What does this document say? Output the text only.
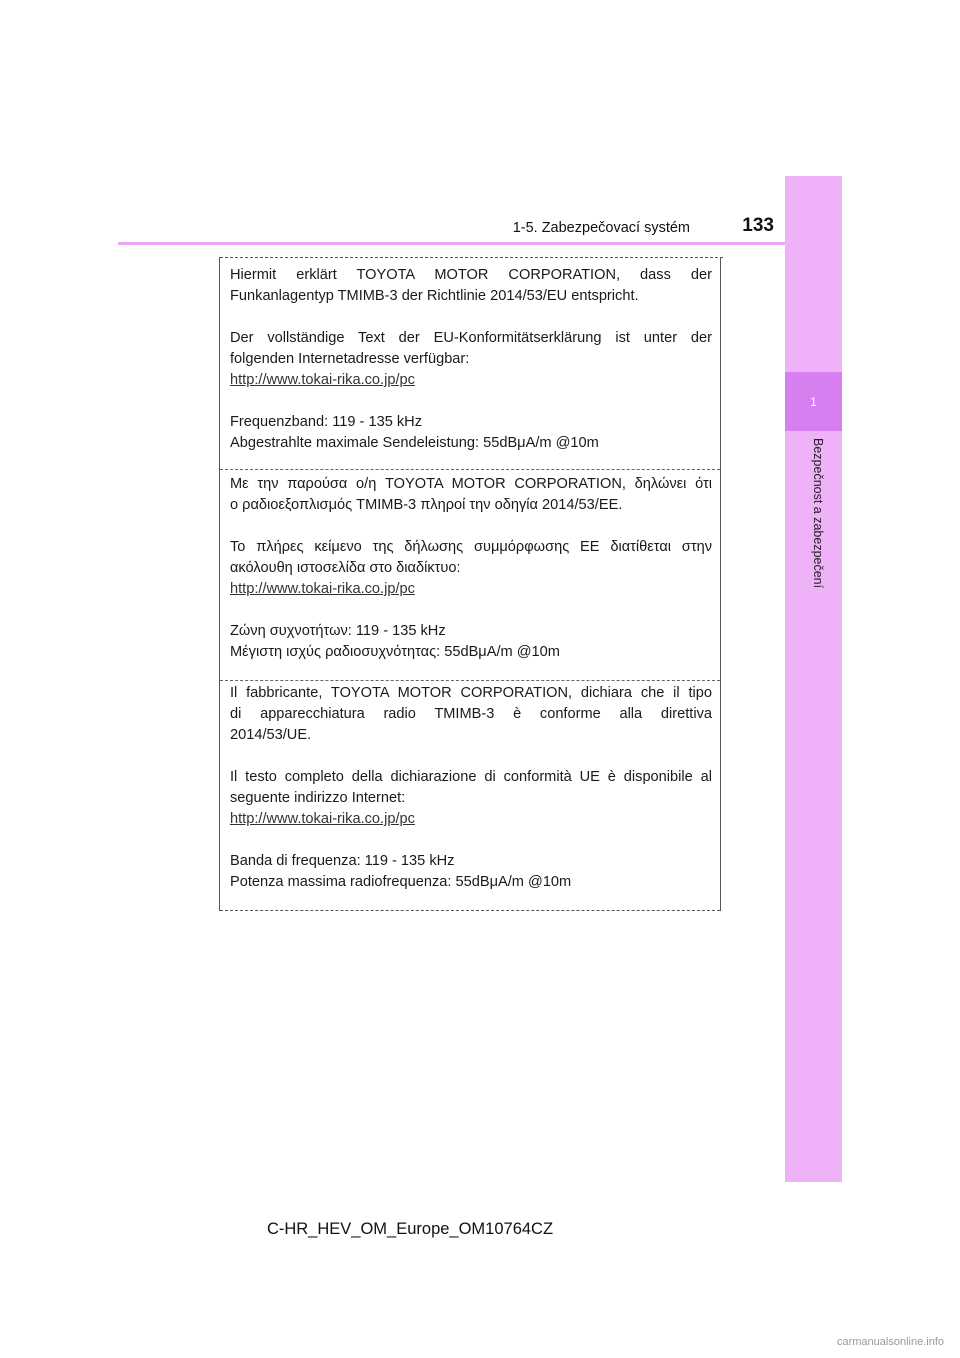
1-5. Zabezpečovací systém	133
1
Bezpečnost a zabezpečení

Hiermit erklärt TOYOTA MOTOR CORPORATION, dass der

Funkanlagentyp TMIMB-3 der Richtlinie 2014/53/EU entspricht.

Der vollständige Text der EU-Konformitätserklärung ist unter der

folgenden Internetadresse verfügbar:

http://www.tokai-rika.co.jp/pc

Frequenzband: 119 - 135 kHz

Abgestrahlte maximale Sendeleistung: 55dBμA/m @10m

Με την παρούσα ο/η TOYOTA MOTOR CORPORATION, δηλώνει ότι

ο ραδιοεξοπλισμός TMIMB-3 πληροί την οδηγία 2014/53/ΕΕ.

Το πλήρες κείμενο της δήλωσης συμμόρφωσης ΕΕ διατίθεται στην

ακόλουθη ιστοσελίδα στο διαδίκτυο:

http://www.tokai-rika.co.jp/pc

Ζώνη συχνοτήτων: 119 - 135 kHz

Μέγιστη ισχύς ραδιοσυχνότητας: 55dBμA/m @10m

Il fabbricante, TOYOTA MOTOR CORPORATION, dichiara che il tipo

di apparecchiatura radio TMIMB-3 è conforme alla direttiva

2014/53/UE.

Il testo completo della dichiarazione di conformità UE è disponibile al

seguente indirizzo Internet:

http://www.tokai-rika.co.jp/pc

Banda di frequenza: 119 - 135 kHz

Potenza massima radiofrequenza: 55dBμA/m @10m

C-HR_HEV_OM_Europe_OM10764CZ
carmanualsonline.info
